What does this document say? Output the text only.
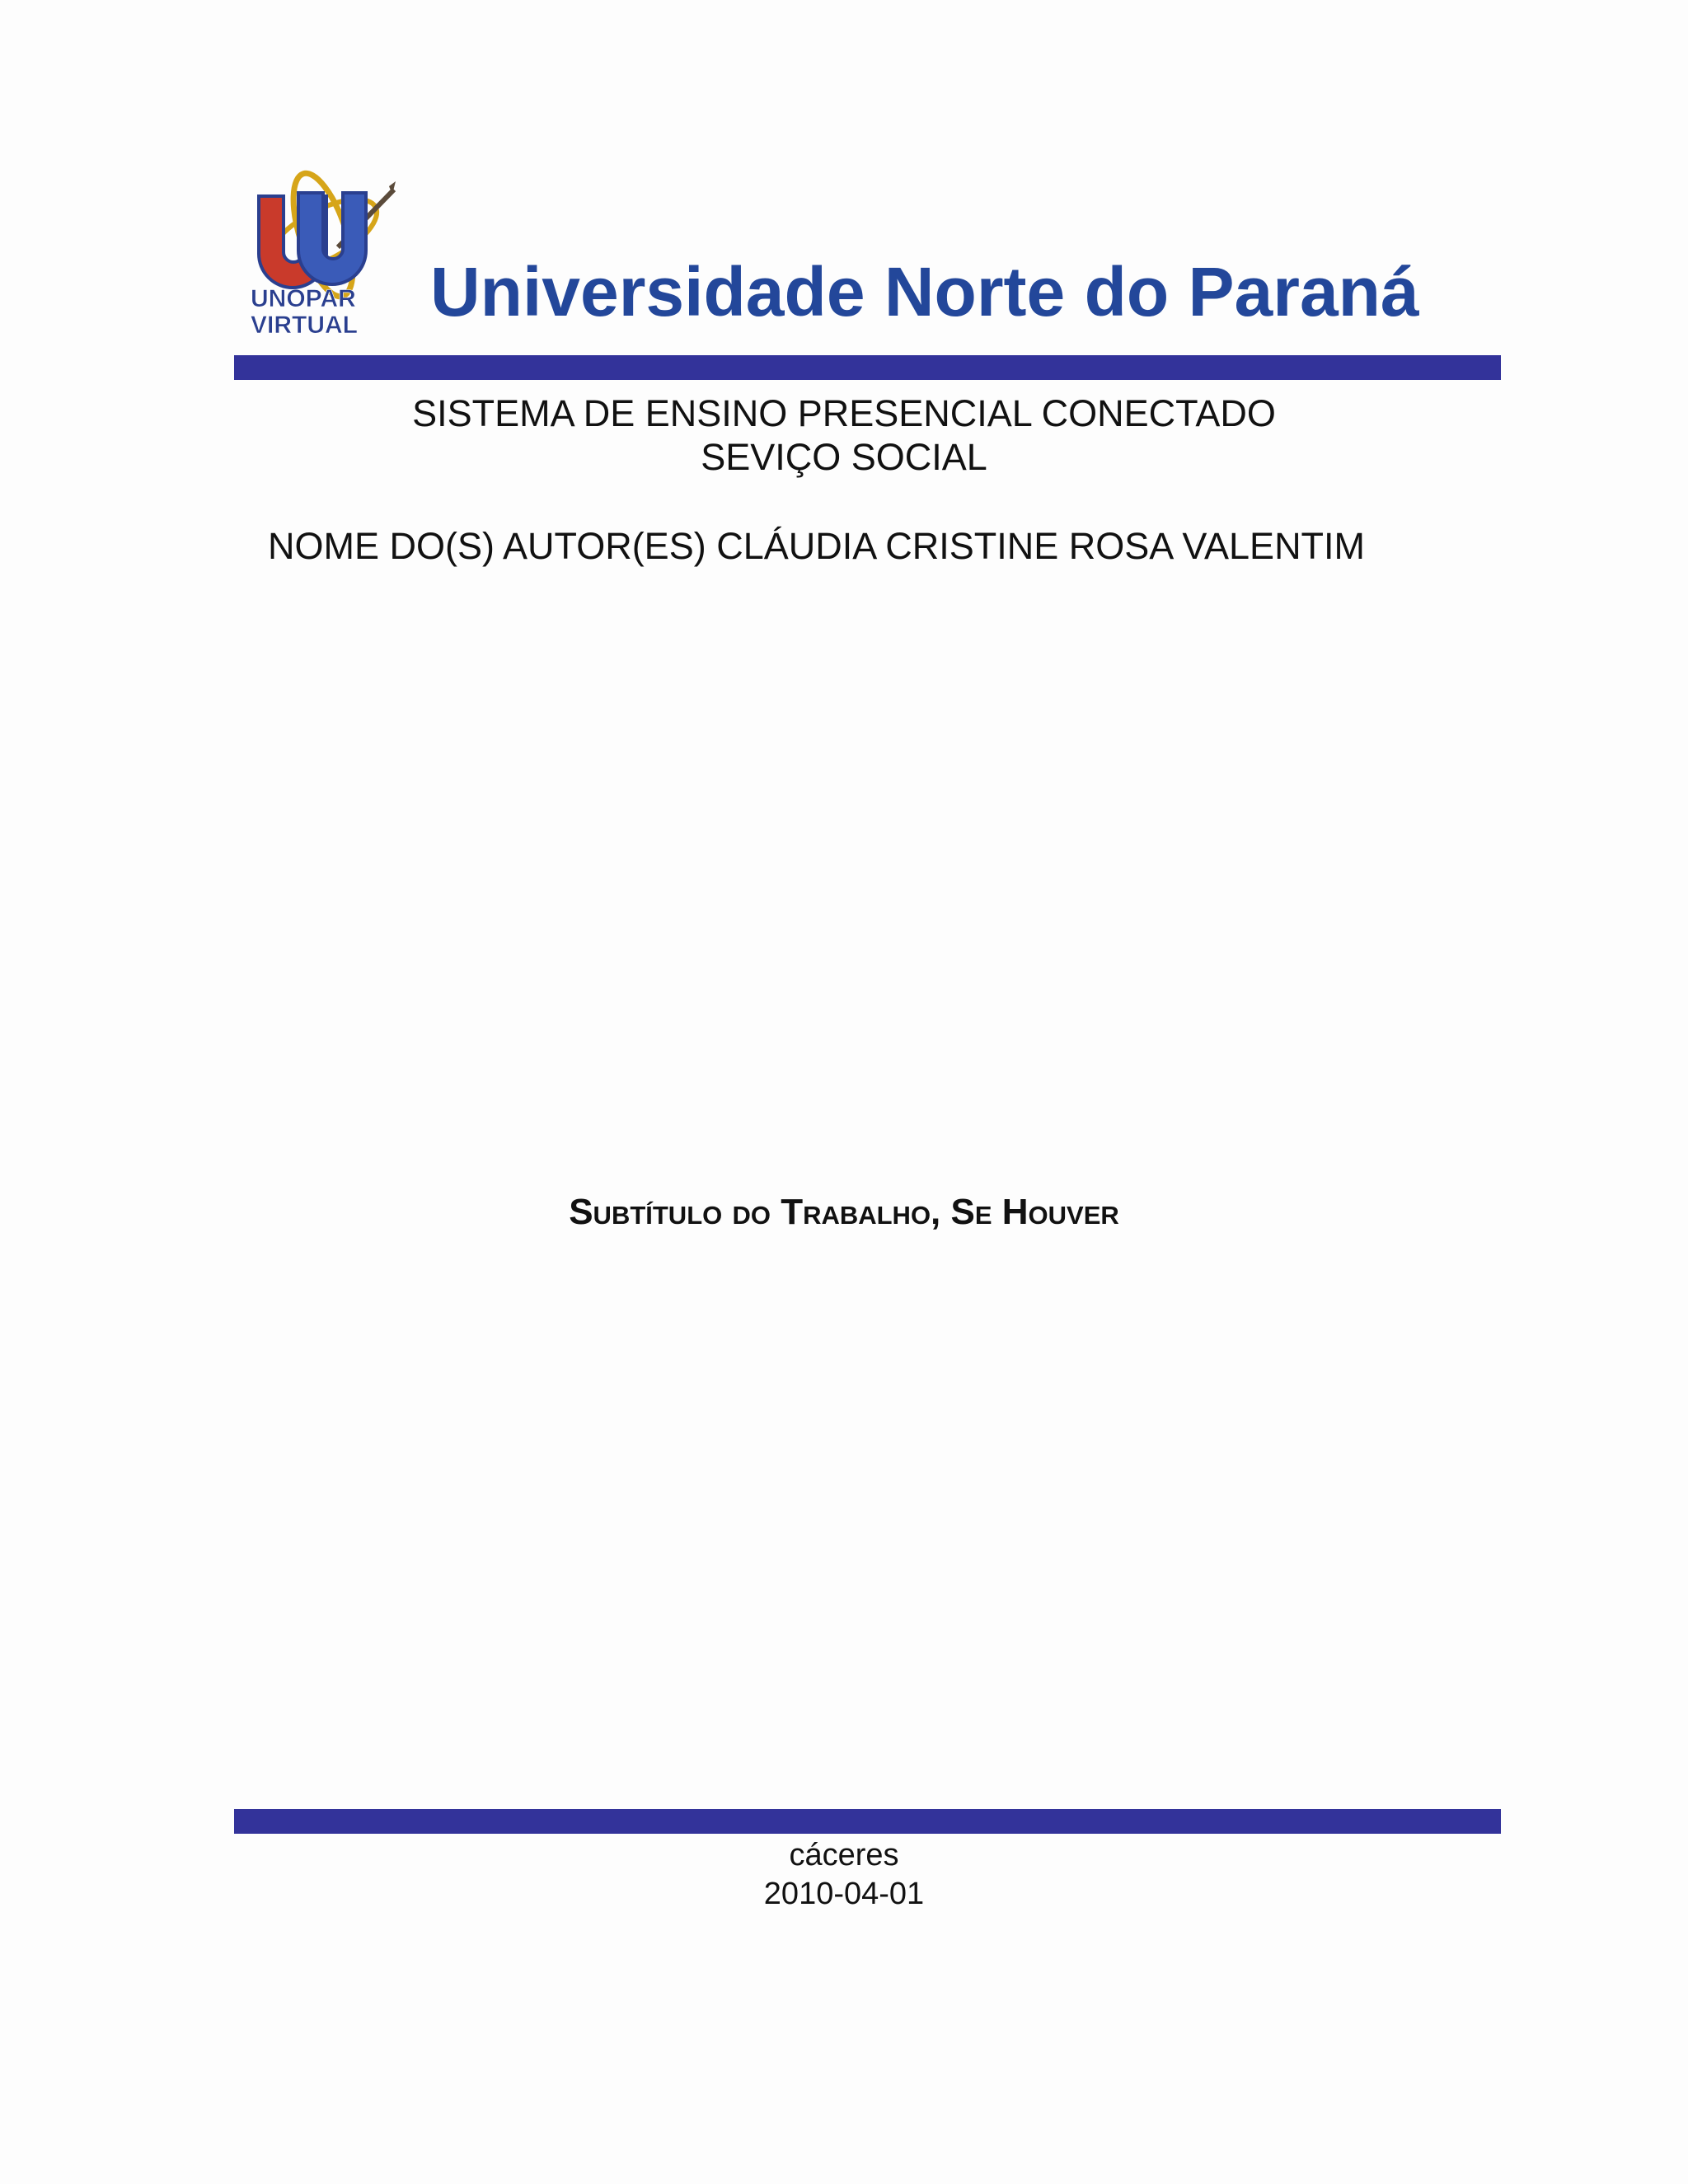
UNOPAR
VIRTUAL Universidade Norte do Paraná
SISTEMA DE ENSINO PRESENCIAL CONECTADO
SEVIÇO SOCIAL
NOME DO(S) AUTOR(ES) CLÁUDIA CRISTINE ROSA VALENTIM
Subtítulo do Trabalho, Se Houver
cáceres
2010-04-01
